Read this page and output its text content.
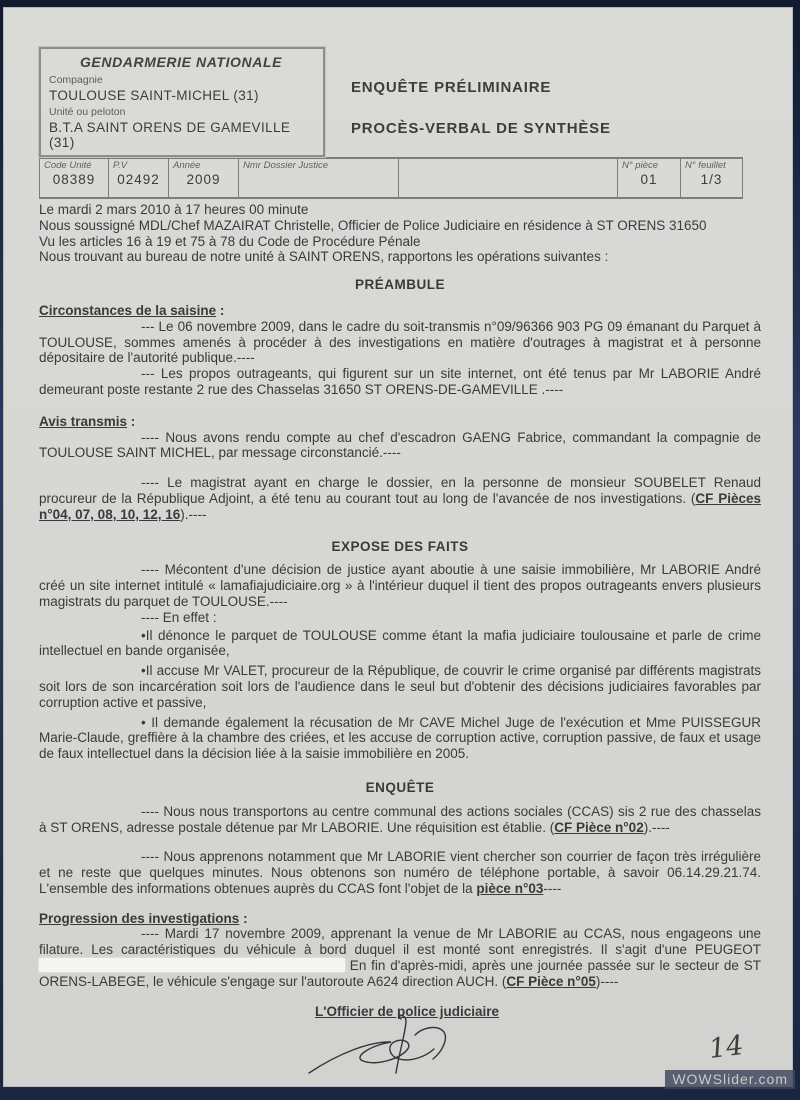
GENDARMERIE NATIONALE
Compagnie
TOULOUSE SAINT-MICHEL (31)
Unité ou peloton
B.T.A SAINT ORENS DE GAMEVILLE (31)
ENQUÊTE PRÉLIMINAIRE
PROCÈS-VERBAL DE SYNTHÈSE
Code Unité
08389
P.V
02492
Année
2009
Nmr Dossier Justice	N° pièce
01
N° feuillet
1/3

Le mardi 2 mars 2010 à 17 heures 00 minute

Nous soussigné MDL/Chef MAZAIRAT Christelle, Officier de Police Judiciaire en résidence à ST ORENS 31650

Vu les articles 16 à 19 et 75 à 78 du Code de Procédure Pénale

Nous trouvant au bureau de notre unité à SAINT ORENS, rapportons les opérations suivantes :

PRÉAMBULE

Circonstances de la saisine :

--- Le 06 novembre 2009, dans le cadre du soit-transmis n°09/96366 903 PG 09 émanant du Parquet à TOULOUSE, sommes amenés à procéder à des investigations en matière d'outrages à magistrat et à personne dépositaire de l'autorité publique.----

--- Les propos outrageants, qui figurent sur un site internet, ont été tenus par Mr LABORIE André demeurant poste restante 2 rue des Chasselas 31650 ST ORENS-DE-GAMEVILLE .----

Avis transmis :

---- Nous avons rendu compte au chef d'escadron GAENG Fabrice, commandant la compagnie de TOULOUSE SAINT MICHEL, par message circonstancié.----

---- Le magistrat ayant en charge le dossier, en la personne de monsieur SOUBELET Renaud procureur de la République Adjoint, a été tenu au courant tout au long de l'avancée de nos investigations. (CF Pièces n°04, 07, 08, 10, 12, 16).----

EXPOSE DES FAITS

---- Mécontent d'une décision de justice ayant aboutie à une saisie immobilière, Mr LABORIE André créé un site internet intitulé « lamafiajudiciaire.org » à l'intérieur duquel il tient des propos outrageants envers plusieurs magistrats du parquet de TOULOUSE.----

---- En effet :

•Il dénonce le parquet de TOULOUSE comme étant la mafia judiciaire toulousaine et parle de crime intellectuel en bande organisée,

•Il accuse Mr VALET, procureur de la République, de couvrir le crime organisé par différents magistrats soit lors de son incarcération soit lors de l'audience dans le seul but d'obtenir des décisions judiciaires favorables par corruption active et passive,

• Il demande également la récusation de Mr CAVE Michel Juge de l'exécution et Mme PUISSEGUR Marie-Claude, greffière à la chambre des criées, et les accuse de corruption active, corruption passive, de faux et usage de faux intellectuel dans la décision liée à la saisie immobilière en 2005.

ENQUÊTE

---- Nous nous transportons au centre communal des actions sociales (CCAS) sis 2 rue des chasselas à ST ORENS, adresse postale détenue par Mr LABORIE. Une réquisition est établie. (CF Pièce n°02).----

---- Nous apprenons notamment que Mr LABORIE vient chercher son courrier de façon très irrégulière et ne reste que quelques minutes. Nous obtenons son numéro de téléphone portable, à savoir 06.14.29.21.74. L'ensemble des informations obtenues auprès du CCAS font l'objet de la pièce n°03----

Progression des investigations :

---- Mardi 17 novembre 2009, apprenant la venue de Mr LABORIE au CCAS, nous engageons une filature. Les caractéristiques du véhicule à bord duquel il est monté sont enregistrés. Il s'agit d'une PEUGEOT  En fin d'après-midi, après une journée passée sur le secteur de ST ORENS-LABEGE, le véhicule s'engage sur l'autoroute A624 direction AUCH. (CF Pièce n°05)----

L'Officier de police judiciaire
14
WOWSlider.com
